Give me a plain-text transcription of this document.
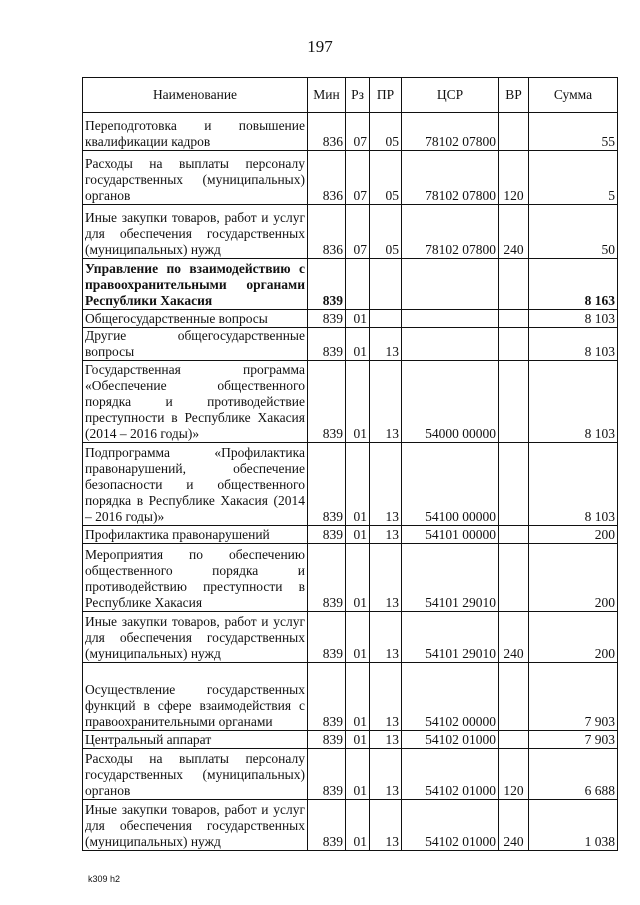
197
Наименование	Мин	Рз	ПР	ЦСР	ВР	Сумма
Переподготовка и повышение квалификации кадров	836	07	05	78102 07800		55
Расходы на выплаты персоналу государственных (муниципальных) органов	836	07	05	78102 07800	120	5
Иные закупки товаров, работ и услуг для обеспечения государственных (муниципальных) нужд	836	07	05	78102 07800	240	50
Управление по взаимодействию с правоохранительными органами Республики Хакасия	839					8 163
Общегосударственные вопросы	839	01				8 103
Другие общегосударственные вопросы	839	01	13			8 103
Государственная программа «Обеспечение общественного порядка и противодействие преступности в Республике Хакасия (2014 – 2016 годы)»	839	01	13	54000 00000		8 103
Подпрограмма «Профилактика правонарушений, обеспечение безопасности и общественного порядка в Республике Хакасия (2014 – 2016 годы)»	839	01	13	54100 00000		8 103
Профилактика правонарушений	839	01	13	54101 00000		200
Мероприятия по обеспечению общественного порядка и противодействию преступности в Республике Хакасия	839	01	13	54101 29010		200
Иные закупки товаров, работ и услуг для обеспечения государственных (муниципальных) нужд	839	01	13	54101 29010	240	200
Осуществление государственных функций в сфере взаимодействия с правоохранительными органами	839	01	13	54102 00000		7 903
Центральный аппарат	839	01	13	54102 01000		7 903
Расходы на выплаты персоналу государственных (муниципальных) органов	839	01	13	54102 01000	120	6 688
Иные закупки товаров, работ и услуг для обеспечения государственных (муниципальных) нужд	839	01	13	54102 01000	240	1 038
k309 h2
